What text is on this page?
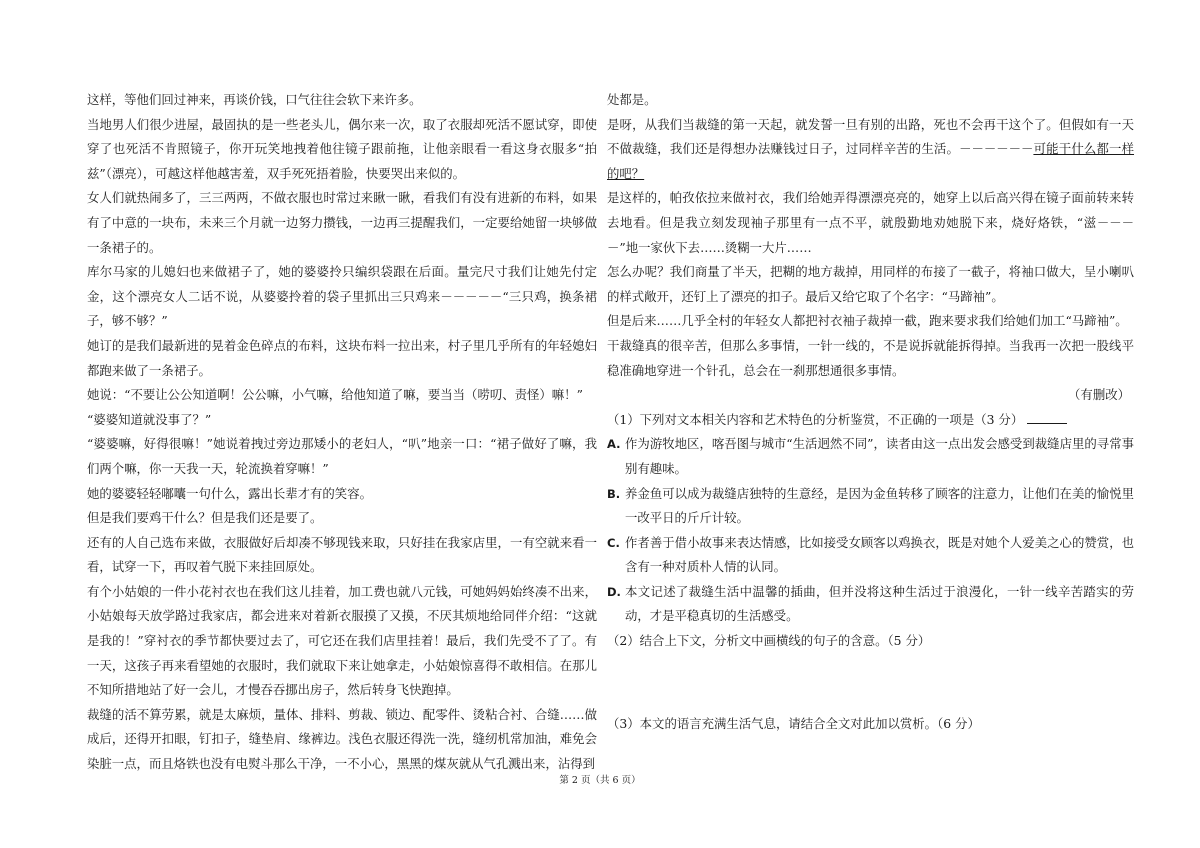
这样，等他们回过神来，再谈价钱，口气往往会软下来许多。

当地男人们很少进屋，最固执的是一些老头儿，偶尔来一次，取了衣服却死活不愿试穿，即使穿了也死活不肯照镜子，你开玩笑地拽着他往镜子跟前拖，让他亲眼看一看这身衣服多“拍兹”（漂亮），可越这样他越害羞，双手死死捂着脸，快要哭出来似的。

女人们就热闹多了，三三两两，不做衣服也时常过来瞅一瞅，看我们有没有进新的布料，如果有了中意的一块布，未来三个月就一边努力攒钱，一边再三提醒我们，一定要给她留一块够做一条裙子的。

库尔马家的儿媳妇也来做裙子了，她的婆婆拎只编织袋跟在后面。量完尺寸我们让她先付定金，这个漂亮女人二话不说，从婆婆拎着的袋子里抓出三只鸡来－－－－－“三只鸡，换条裙子，够不够？”

她订的是我们最新进的晃着金色碎点的布料，这块布料一拉出来，村子里几乎所有的年轻媳妇都跑来做了一条裙子。

她说：“不要让公公知道啊！公公嘛，小气嘛，给他知道了嘛，要当当（唠叨、责怪）嘛！”

“婆婆知道就没事了？”

“婆婆嘛，好得很嘛！”她说着拽过旁边那矮小的老妇人，“叭”地亲一口：“裙子做好了嘛，我们两个嘛，你一天我一天，轮流换着穿嘛！”

她的婆婆轻轻嘟囔一句什么，露出长辈才有的笑容。

但是我们要鸡干什么？但是我们还是要了。

还有的人自己选布来做，衣服做好后却凑不够现钱来取，只好挂在我家店里，一有空就来看一看，试穿一下，再叹着气脱下来挂回原处。

有个小姑娘的一件小花衬衣也在我们这儿挂着，加工费也就八元钱，可她妈妈始终凑不出来，小姑娘每天放学路过我家店，都会进来对着新衣服摸了又摸，不厌其烦地给同伴介绍：“这就是我的！”穿衬衣的季节都快要过去了，可它还在我们店里挂着！最后，我们先受不了了。有一天，这孩子再来看望她的衣服时，我们就取下来让她拿走，小姑娘惊喜得不敢相信。在那儿不知所措地站了好一会儿，才慢吞吞挪出房子，然后转身飞快跑掉。

裁缝的活不算劳累，就是太麻烦，量体、排料、剪裁、锁边、配零件、烫粘合衬、合缝……做成后，还得开扣眼，钉扣子，缝垫肩、缘裤边。浅色衣服还得洗一洗，缝纫机常加油，难免会染脏一点，而且烙铁也没有电熨斗那么干净，一不小心，黑黑的煤灰就从气孔溅出来，沾得到

处都是。

是呀，从我们当裁缝的第一天起，就发誓一旦有别的出路，死也不会再干这个了。但假如有一天不做裁缝，我们还是得想办法赚钱过日子，过同样辛苦的生活。－－－－－－可能干什么都一样的吧？

是这样的，帕孜依拉来做衬衣，我们给她弄得漂漂亮亮的，她穿上以后高兴得在镜子面前转来转去地看。但是我立刻发现袖子那里有一点不平，就殷勤地劝她脱下来，烧好烙铁，“滋－－－－”地一家伙下去……烫糊一大片……

怎么办呢？我们商量了半天，把糊的地方裁掉，用同样的布接了一截子，将袖口做大，呈小喇叭的样式敞开，还钉上了漂亮的扣子。最后又给它取了个名字：“马蹄袖”。

但是后来……几乎全村的年轻女人都把衬衣袖子裁掉一截，跑来要求我们给她们加工“马蹄袖”。

干裁缝真的很辛苦，但那么多事情，一针一线的，不是说拆就能拆得掉。当我再一次把一股线平稳准确地穿进一个针孔，总会在一刹那想通很多事情。

（有删改）

（1）下列对文本相关内容和艺术特色的分析鉴赏，不正确的一项是（3 分）

A. 作为游牧地区，喀吾图与城市“生活迥然不同”，读者由这一点出发会感受到裁缝店里的寻常事别有趣味。

B. 养金鱼可以成为裁缝店独特的生意经，是因为金鱼转移了顾客的注意力，让他们在美的愉悦里一改平日的斤斤计较。

C. 作者善于借小故事来表达情感，比如接受女顾客以鸡换衣，既是对她个人爱美之心的赞赏，也含有一种对质朴人情的认同。

D. 本文记述了裁缝生活中温馨的插曲，但并没将这种生活过于浪漫化，一针一线辛苦踏实的劳动，才是平稳真切的生活感受。

（2）结合上下文，分析文中画横线的句子的含意。（5 分）

（3）本文的语言充满生活气息，请结合全文对此加以赏析。（6 分）

第 2 页（共 6 页）
